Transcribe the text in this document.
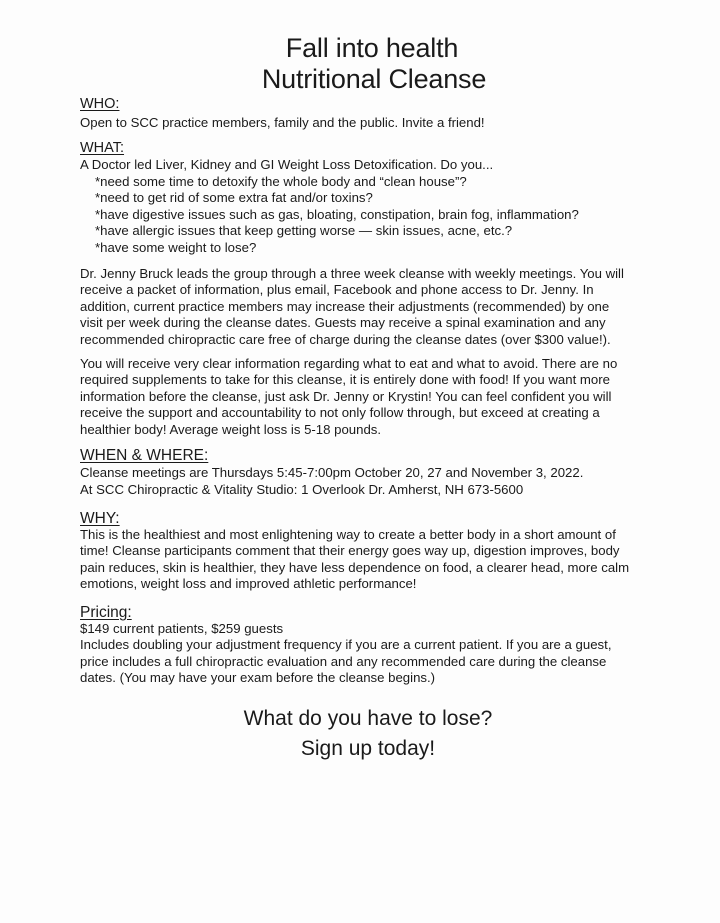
Fall into health
Nutritional Cleanse
WHO:
Open to SCC practice members, family and the public. Invite a friend!
WHAT:
A Doctor led Liver, Kidney and GI Weight Loss Detoxification. Do you...
*need some time to detoxify the whole body and “clean house”?
*need to get rid of some extra fat and/or toxins?
*have digestive issues such as gas, bloating, constipation, brain fog, inflammation?
*have allergic issues that keep getting worse — skin issues, acne, etc.?
*have some weight to lose?
Dr. Jenny Bruck leads the group through a three week cleanse with weekly meetings. You will
receive a packet of information, plus email, Facebook and phone access to Dr. Jenny. In
addition, current practice members may increase their adjustments (recommended) by one
visit per week during the cleanse dates. Guests may receive a spinal examination and any
recommended chiropractic care free of charge during the cleanse dates (over $300 value!).
You will receive very clear information regarding what to eat and what to avoid. There are no
required supplements to take for this cleanse, it is entirely done with food! If you want more
information before the cleanse, just ask Dr. Jenny or Krystin! You can feel confident you will
receive the support and accountability to not only follow through, but exceed at creating a
healthier body! Average weight loss is 5-18 pounds.
WHEN & WHERE:
Cleanse meetings are Thursdays 5:45-7:00pm October 20, 27 and November 3, 2022.
At SCC Chiropractic & Vitality Studio: 1 Overlook Dr. Amherst, NH 673-5600
WHY:
This is the healthiest and most enlightening way to create a better body in a short amount of
time! Cleanse participants comment that their energy goes way up, digestion improves, body
pain reduces, skin is healthier, they have less dependence on food, a clearer head, more calm
emotions, weight loss and improved athletic performance!
Pricing:
$149 current patients, $259 guests
Includes doubling your adjustment frequency if you are a current patient. If you are a guest,
price includes a full chiropractic evaluation and any recommended care during the cleanse
dates. (You may have your exam before the cleanse begins.)
What do you have to lose?
Sign up today!
